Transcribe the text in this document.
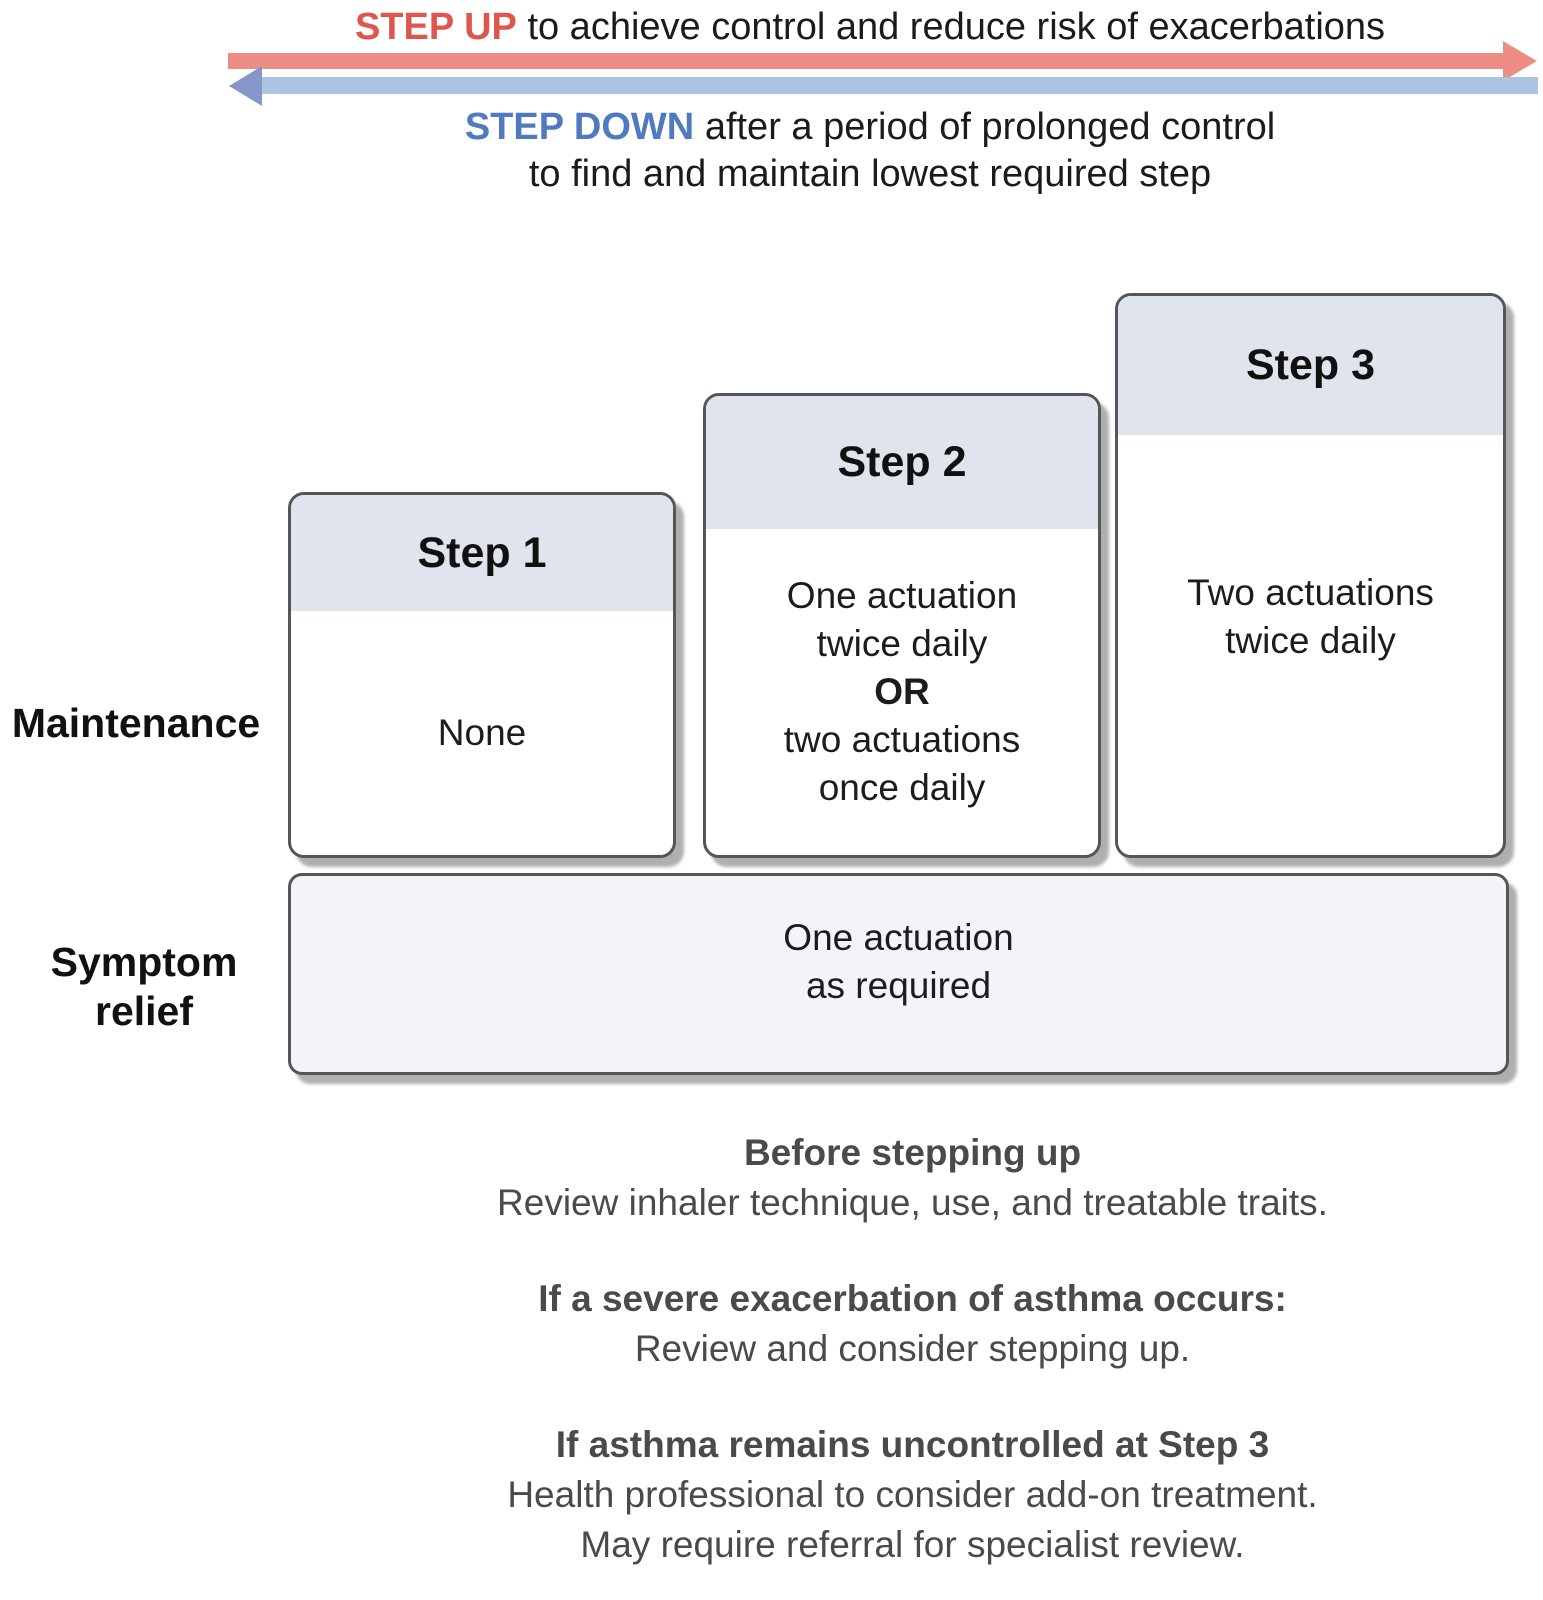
STEP UP to achieve control and reduce risk of exacerbations
STEP DOWN after a period of prolonged control
to find and maintain lowest required step
Maintenance
Symptom
relief
Step 1
None
Step 2
One actuation
twice daily
OR
two actuations
once daily
Step 3
Two actuations
twice daily
One actuation
as required

Before stepping up
Review inhaler technique, use, and treatable traits.

If a severe exacerbation of asthma occurs:
Review and consider stepping up.

If asthma remains uncontrolled at Step 3
Health professional to consider add-on treatment.
May require referral for specialist review.
